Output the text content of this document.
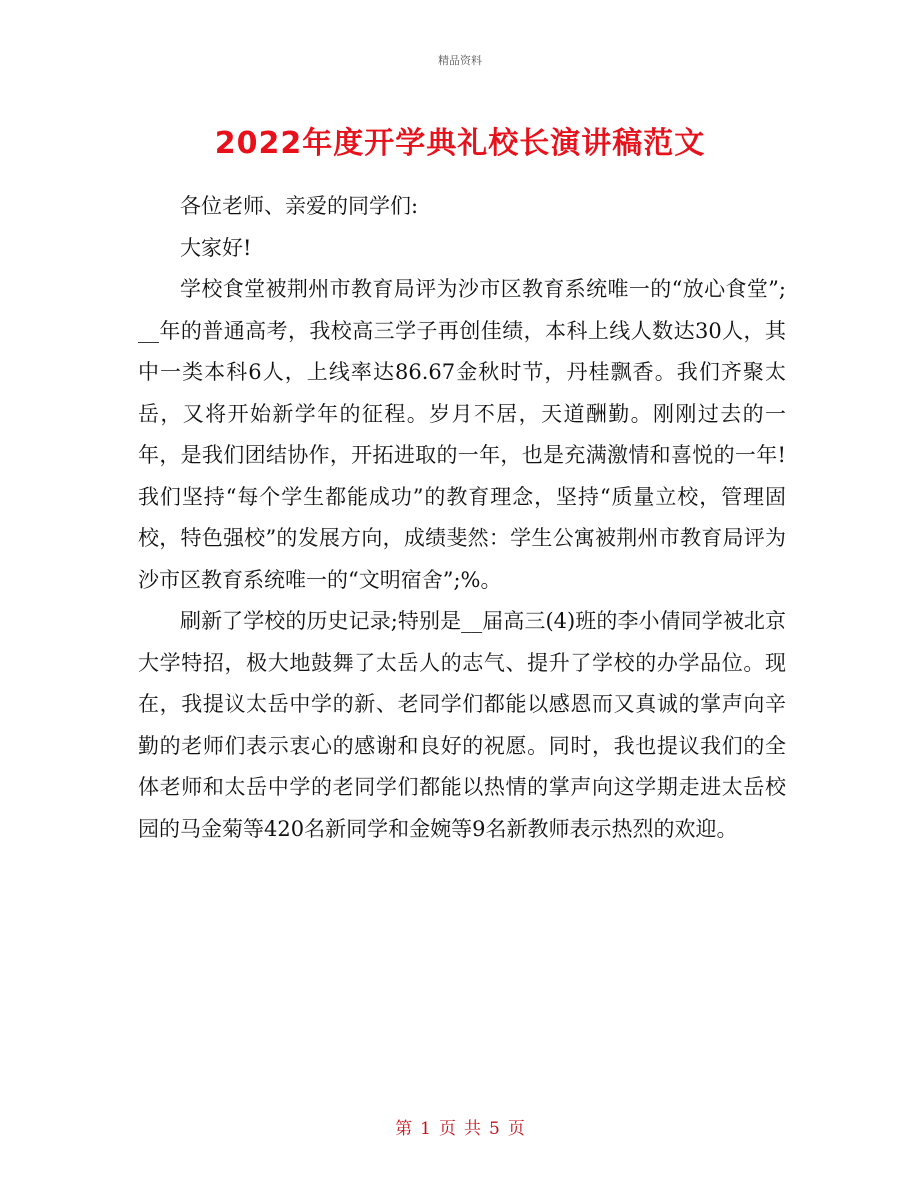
精品资料
2022年度开学典礼校长演讲稿范文

各位老师、亲爱的同学们:

大家好!

学校食堂被荆州市教育局评为沙市区教育系统唯一的“放心食堂”;__年的普通高考，我校高三学子再创佳绩，本科上线人数达30人，其中一类本科6人，上线率达86.67金秋时节，丹桂飘香。我们齐聚太岳，又将开始新学年的征程。岁月不居，天道酬勤。刚刚过去的一年，是我们团结协作，开拓进取的一年，也是充满激情和喜悦的一年!我们坚持“每个学生都能成功”的教育理念，坚持“质量立校，管理固校，特色强校”的发展方向，成绩斐然：学生公寓被荆州市教育局评为沙市区教育系统唯一的“文明宿舍”;%。

刷新了学校的历史记录;特别是__届高三(4)班的李小倩同学被北京大学特招，极大地鼓舞了太岳人的志气、提升了学校的办学品位。现在，我提议太岳中学的新、老同学们都能以感恩而又真诚的掌声向辛勤的老师们表示衷心的感谢和良好的祝愿。同时，我也提议我们的全体老师和太岳中学的老同学们都能以热情的掌声向这学期走进太岳校园的马金菊等420名新同学和金婉等9名新教师表示热烈的欢迎。

第 1 页 共 5 页
